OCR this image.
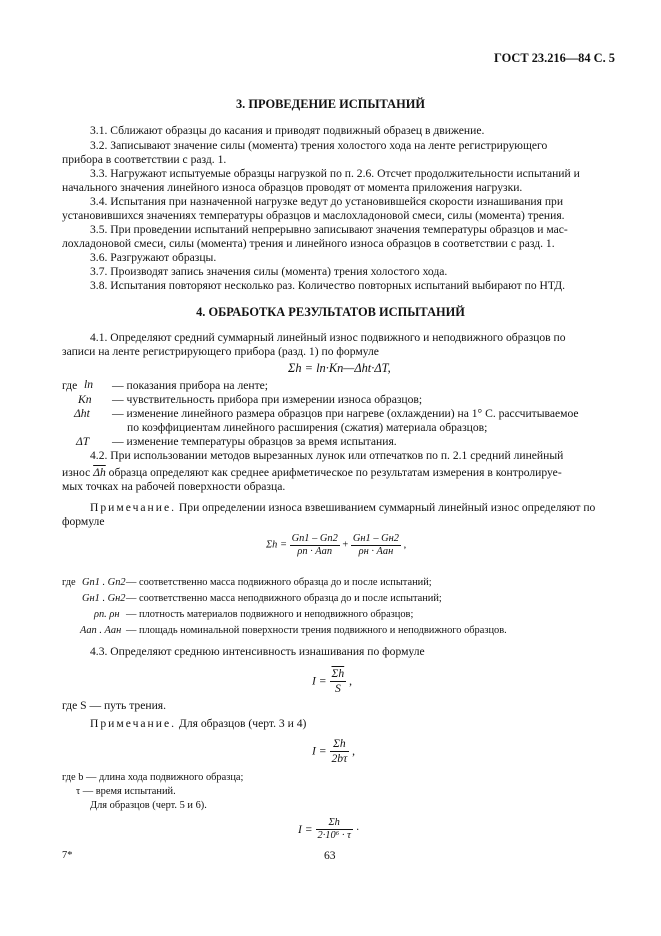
ГОСТ 23.216—84 С. 5
3. ПРОВЕДЕНИЕ ИСПЫТАНИЙ
3.1. Сближают образцы до касания и приводят подвижный образец в движение.
3.2. Записывают значение силы (момента) трения холостого хода на ленте регистрирующего
прибора в соответствии с разд. 1.
3.3. Нагружают испытуемые образцы нагрузкой по п. 2.6. Отсчет продолжительности испытаний и
начального значения линейного износа образцов проводят от момента приложения нагрузки.
3.4. Испытания при назначенной нагрузке ведут до установившейся скорости изнашивания при
установившихся значениях температуры образцов и маслохладоновой смеси, силы (момента) трения.
3.5. При проведении испытаний непрерывно записывают значения температуры образцов и мас-
лохладоновой смеси, силы (момента) трения и линейного износа образцов в соответствии с разд. 1.
3.6. Разгружают образцы.
3.7. Производят запись значения силы (момента) трения холостого хода.
3.8. Испытания повторяют несколько раз. Количество повторных испытаний выбирают по НТД.
4. ОБРАБОТКА РЕЗУЛЬТАТОВ ИСПЫТАНИЙ
4.1. Определяют средний суммарный линейный износ подвижного и неподвижного образцов по
записи на ленте регистрирующего прибора (разд. 1) по формуле
Σh = lп·Kп—Δht·ΔT,
где lп — показания прибора на ленте;
Kп — чувствительность прибора при измерении износа образцов;
Δht — изменение линейного размера образцов при нагреве (охлаждении) на 1° С. рассчитываемое
по коэффициентам линейного расширения (сжатия) материала образцов;
ΔT — изменение температуры образцов за время испытания.
4.2. При использовании методов вырезанных лунок или отпечатков по п. 2.1 средний линейный
износ $\overline{\Delta h}$ образца определяют как среднее арифметическое по результатам измерения в контролируе-
мых точках на рабочей поверхности образца.
Примечание. При определении износа взвешиванием суммарный линейный износ определяют по
формуле
$\Sigma h = \frac{Gп1 - Gп2}{\text{ρп · Aaп}} + \frac{Gн1 - Gн2}{\text{ρн · Aaн}}$ ,
где Gп1 . Gп2 — соответственно масса подвижного образца до и после испытаний;
Gн1 . Gн2 — соответственно масса неподвижного образца до и после испытаний;
ρп. ρн — плотность материалов подвижного и неподвижного образцов;
Aaп . Aaн — площадь номинальной поверхности трения подвижного и неподвижного образцов.
4.3. Определяют среднюю интенсивность изнашивания по формуле
$I = \frac{\overline{\Sigma h}}{S}$ ,
где S — путь трения.
Примечание. Для образцов (черт. 3 и 4)
$I = \frac{\Sigma h}{2b\tau}$ ,
где b — длина хода подвижного образца;
τ — время испытаний.
Для образцов (черт. 5 и 6).
$I = \frac{\Sigma h}{\text{2·10⁶ · τ}}$ ·
7*	63
